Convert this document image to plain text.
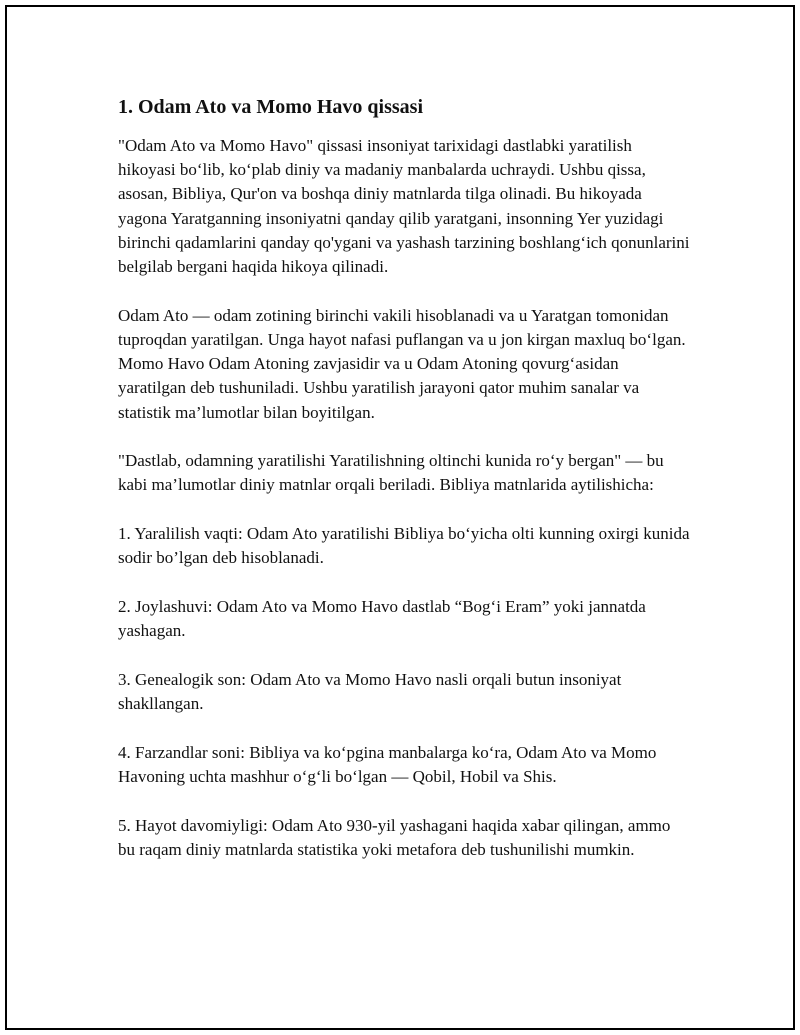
1. Odam Ato va Momo Havo qissasi

"Odam Ato va Momo Havo" qissasi insoniyat tarixidagi dastlabki yaratilish hikoyasi bo‘lib, ko‘plab diniy va madaniy manbalarda uchraydi. Ushbu qissa, asosan, Bibliya, Qur'on va boshqa diniy matnlarda tilga olinadi. Bu hikoyada yagona Yaratganning insoniyatni qanday qilib yaratgani, insonning Yer yuzidagi birinchi qadamlarini qanday qo'ygani va yashash tarzining boshlang‘ich qonunlarini belgilab bergani haqida hikoya qilinadi.

Odam Ato — odam zotining birinchi vakili hisoblanadi va u Yaratgan tomonidan tuproqdan yaratilgan. Unga hayot nafasi puflangan va u jon kirgan maxluq bo‘lgan. Momo Havo Odam Atoning zavjasidir va u Odam Atoning qovurg‘asidan yaratilgan deb tushuniladi. Ushbu yaratilish jarayoni qator muhim sanalar va statistik ma’lumotlar bilan boyitilgan.

"Dastlab, odamning yaratilishi Yaratilishning oltinchi kunida ro‘y bergan" — bu kabi ma’lumotlar diniy matnlar orqali beriladi. Bibliya matnlarida aytilishicha:

1. Yaralilish vaqti: Odam Ato yaratilishi Bibliya bo‘yicha olti kunning oxirgi kunida sodir bo’lgan deb hisoblanadi.

2. Joylashuvi: Odam Ato va Momo Havo dastlab “Bog‘i Eram” yoki jannatda yashagan.

3. Genealogik son: Odam Ato va Momo Havo nasli orqali butun insoniyat shakllangan.

4. Farzandlar soni: Bibliya va ko‘pgina manbalarga ko‘ra, Odam Ato va Momo Havoning uchta mashhur o‘g‘li bo‘lgan — Qobil, Hobil va Shis.

5. Hayot davomiyligi: Odam Ato 930-yil yashagani haqida xabar qilingan, ammo bu raqam diniy matnlarda statistika yoki metafora deb tushunilishi mumkin.
